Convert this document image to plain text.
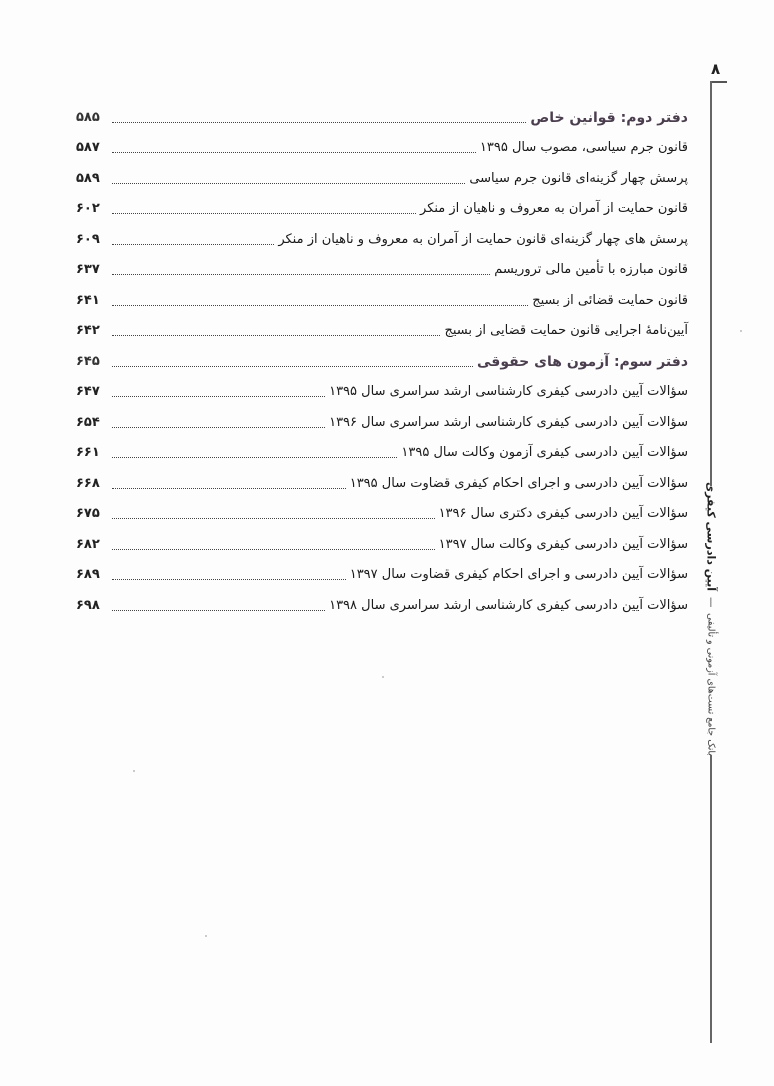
۸
بانک جامع تست‌های آزمونی و تألیفی
—
آیین دادرسی کیفری
دفتر دوم: قوانین خاص
۵۸۵
قانون جرم سیاسی، مصوب سال ۱۳۹۵
۵۸۷
پرسش چهار گزینه‌ای قانون جرم سیاسی
۵۸۹
قانون حمایت از آمران به معروف و ناهیان از منکر
۶۰۲
پرسش های چهار گزینه‌ای قانون حمایت از آمران به معروف و ناهیان از منکر
۶۰۹
قانون مبارزه با تأمین مالی تروریسم
۶۳۷
قانون حمایت قضائی از بسیج
۶۴۱
آیین‌نامهٔ اجرایی قانون حمایت قضایی از بسیج
۶۴۲
دفتر سوم: آزمون های حقوقی
۶۴۵
سؤالات آیین دادرسی کیفری کارشناسی ارشد سراسری سال ۱۳۹۵
۶۴۷
سؤالات آیین دادرسی کیفری کارشناسی ارشد سراسری سال ۱۳۹۶
۶۵۴
سؤالات آیین دادرسی کیفری آزمون وکالت سال ۱۳۹۵
۶۶۱
سؤالات آیین دادرسی و اجرای احکام کیفری قضاوت سال ۱۳۹۵
۶۶۸
سؤالات آیین دادرسی کیفری دکتری سال ۱۳۹۶
۶۷۵
سؤالات آیین دادرسی کیفری وکالت سال ۱۳۹۷
۶۸۲
سؤالات آیین دادرسی و اجرای احکام کیفری قضاوت سال ۱۳۹۷
۶۸۹
سؤالات آیین دادرسی کیفری کارشناسی ارشد سراسری سال ۱۳۹۸
۶۹۸
